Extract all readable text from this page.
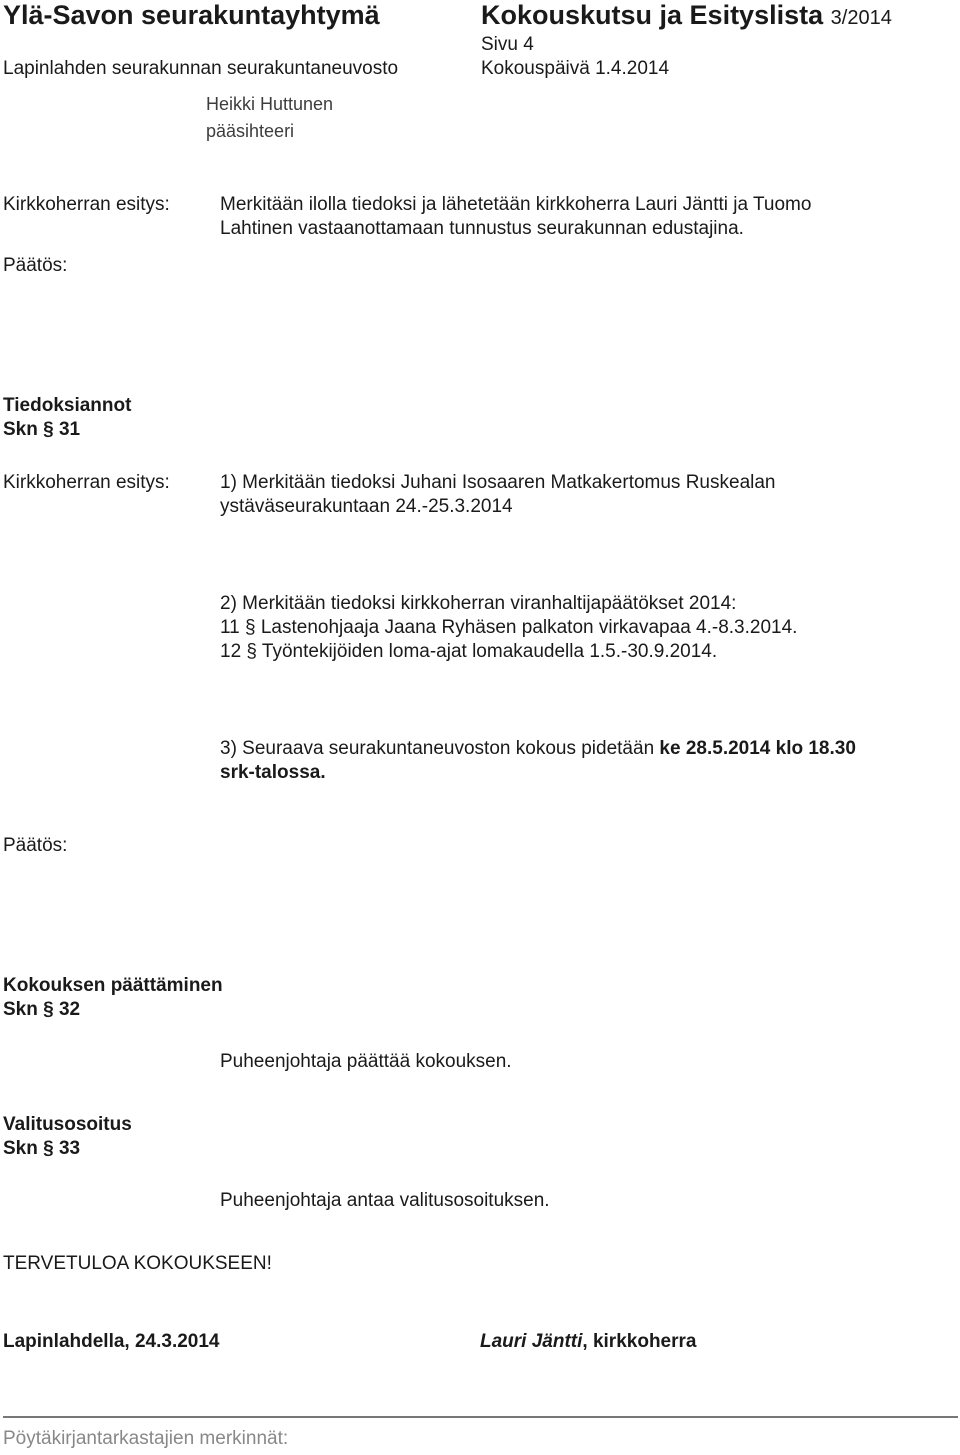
Ylä-Savon seurakuntayhtymä	Kokouskutsu ja Esityslista 3/2014
Sivu 4
Lapinlahden seurakunnan seurakuntaneuvosto	Kokouspäivä 1.4.2014
Heikki Huttunen
pääsihteeri
Kirkkoherran esitys:	Merkitään ilolla tiedoksi ja lähetetään kirkkoherra Lauri Jäntti ja Tuomo
Lahtinen vastaanottamaan tunnustus seurakunnan edustajina.
Päätös:
Tiedoksiannot
Skn § 31
Kirkkoherran esitys:	1) Merkitään tiedoksi Juhani Isosaaren Matkakertomus Ruskealan
ystäväseurakuntaan 24.-25.3.2014
2) Merkitään tiedoksi kirkkoherran viranhaltijapäätökset 2014:
11 § Lastenohjaaja Jaana Ryhäsen palkaton virkavapaa 4.-8.3.2014.
12 § Työntekijöiden loma-ajat lomakaudella 1.5.-30.9.2014.
3) Seuraava seurakuntaneuvoston kokous pidetään ke 28.5.2014 klo 18.30
srk-talossa.
Päätös:
Kokouksen päättäminen
Skn § 32
Puheenjohtaja päättää kokouksen.
Valitusosoitus
Skn § 33
Puheenjohtaja antaa valitusosoituksen.
TERVETULOA KOKOUKSEEN!
Lapinlahdella, 24.3.2014	Lauri Jäntti, kirkkoherra
Pöytäkirjantarkastajien merkinnät:
